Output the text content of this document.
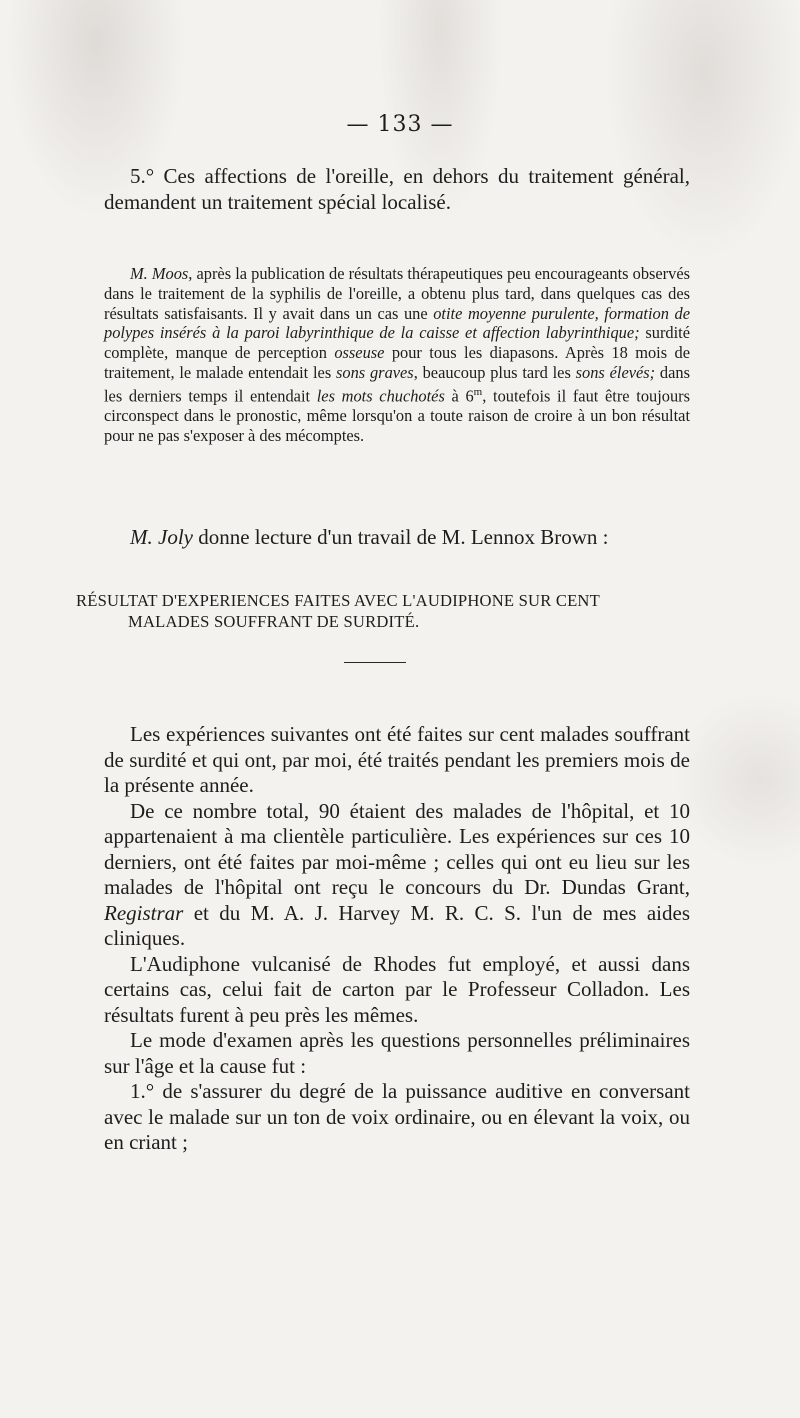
— 133 —

5.° Ces affections de l'oreille, en dehors du traitement général, demandent un traitement spécial localisé.

M. Moos, après la publication de résultats thérapeutiques peu encourageants observés dans le traitement de la syphilis de l'oreille, a obtenu plus tard, dans quelques cas des résultats satisfaisants. Il y avait dans un cas une otite moyenne purulente, formation de polypes insérés à la paroi labyrinthique de la caisse et affection labyrinthique; surdité complète, manque de perception osseuse pour tous les diapasons. Après 18 mois de traitement, le malade entendait les sons graves, beaucoup plus tard les sons élevés; dans les derniers temps il entendait les mots chuchotés à 6$^m$, toutefois il faut être toujours circonspect dans le pronostic, même lorsqu'on a toute raison de croire à un bon résultat pour ne pas s'exposer à des mécomptes.

M. Joly donne lecture d'un travail de M. Lennox Brown :

RÉSULTAT D'EXPERIENCES FAITES AVEC L'AUDIPHONE SUR CENT
MALADES SOUFFRANT DE SURDITÉ.

Les expériences suivantes ont été faites sur cent malades souffrant de surdité et qui ont, par moi, été traités pendant les premiers mois de la présente année.

De ce nombre total, 90 étaient des malades de l'hôpital, et 10 appartenaient à ma clientèle particulière. Les expériences sur ces 10 derniers, ont été faites par moi-même ; celles qui ont eu lieu sur les malades de l'hôpital ont reçu le concours du Dr. Dundas Grant, Registrar et du M. A. J. Harvey M. R. C. S. l'un de mes aides cliniques.

L'Audiphone vulcanisé de Rhodes fut employé, et aussi dans certains cas, celui fait de carton par le Professeur Colladon. Les résultats furent à peu près les mêmes.

Le mode d'examen après les questions personnelles préliminaires sur l'âge et la cause fut :

1.° de s'assurer du degré de la puissance auditive en conversant avec le malade sur un ton de voix ordinaire, ou en élevant la voix, ou en criant ;
